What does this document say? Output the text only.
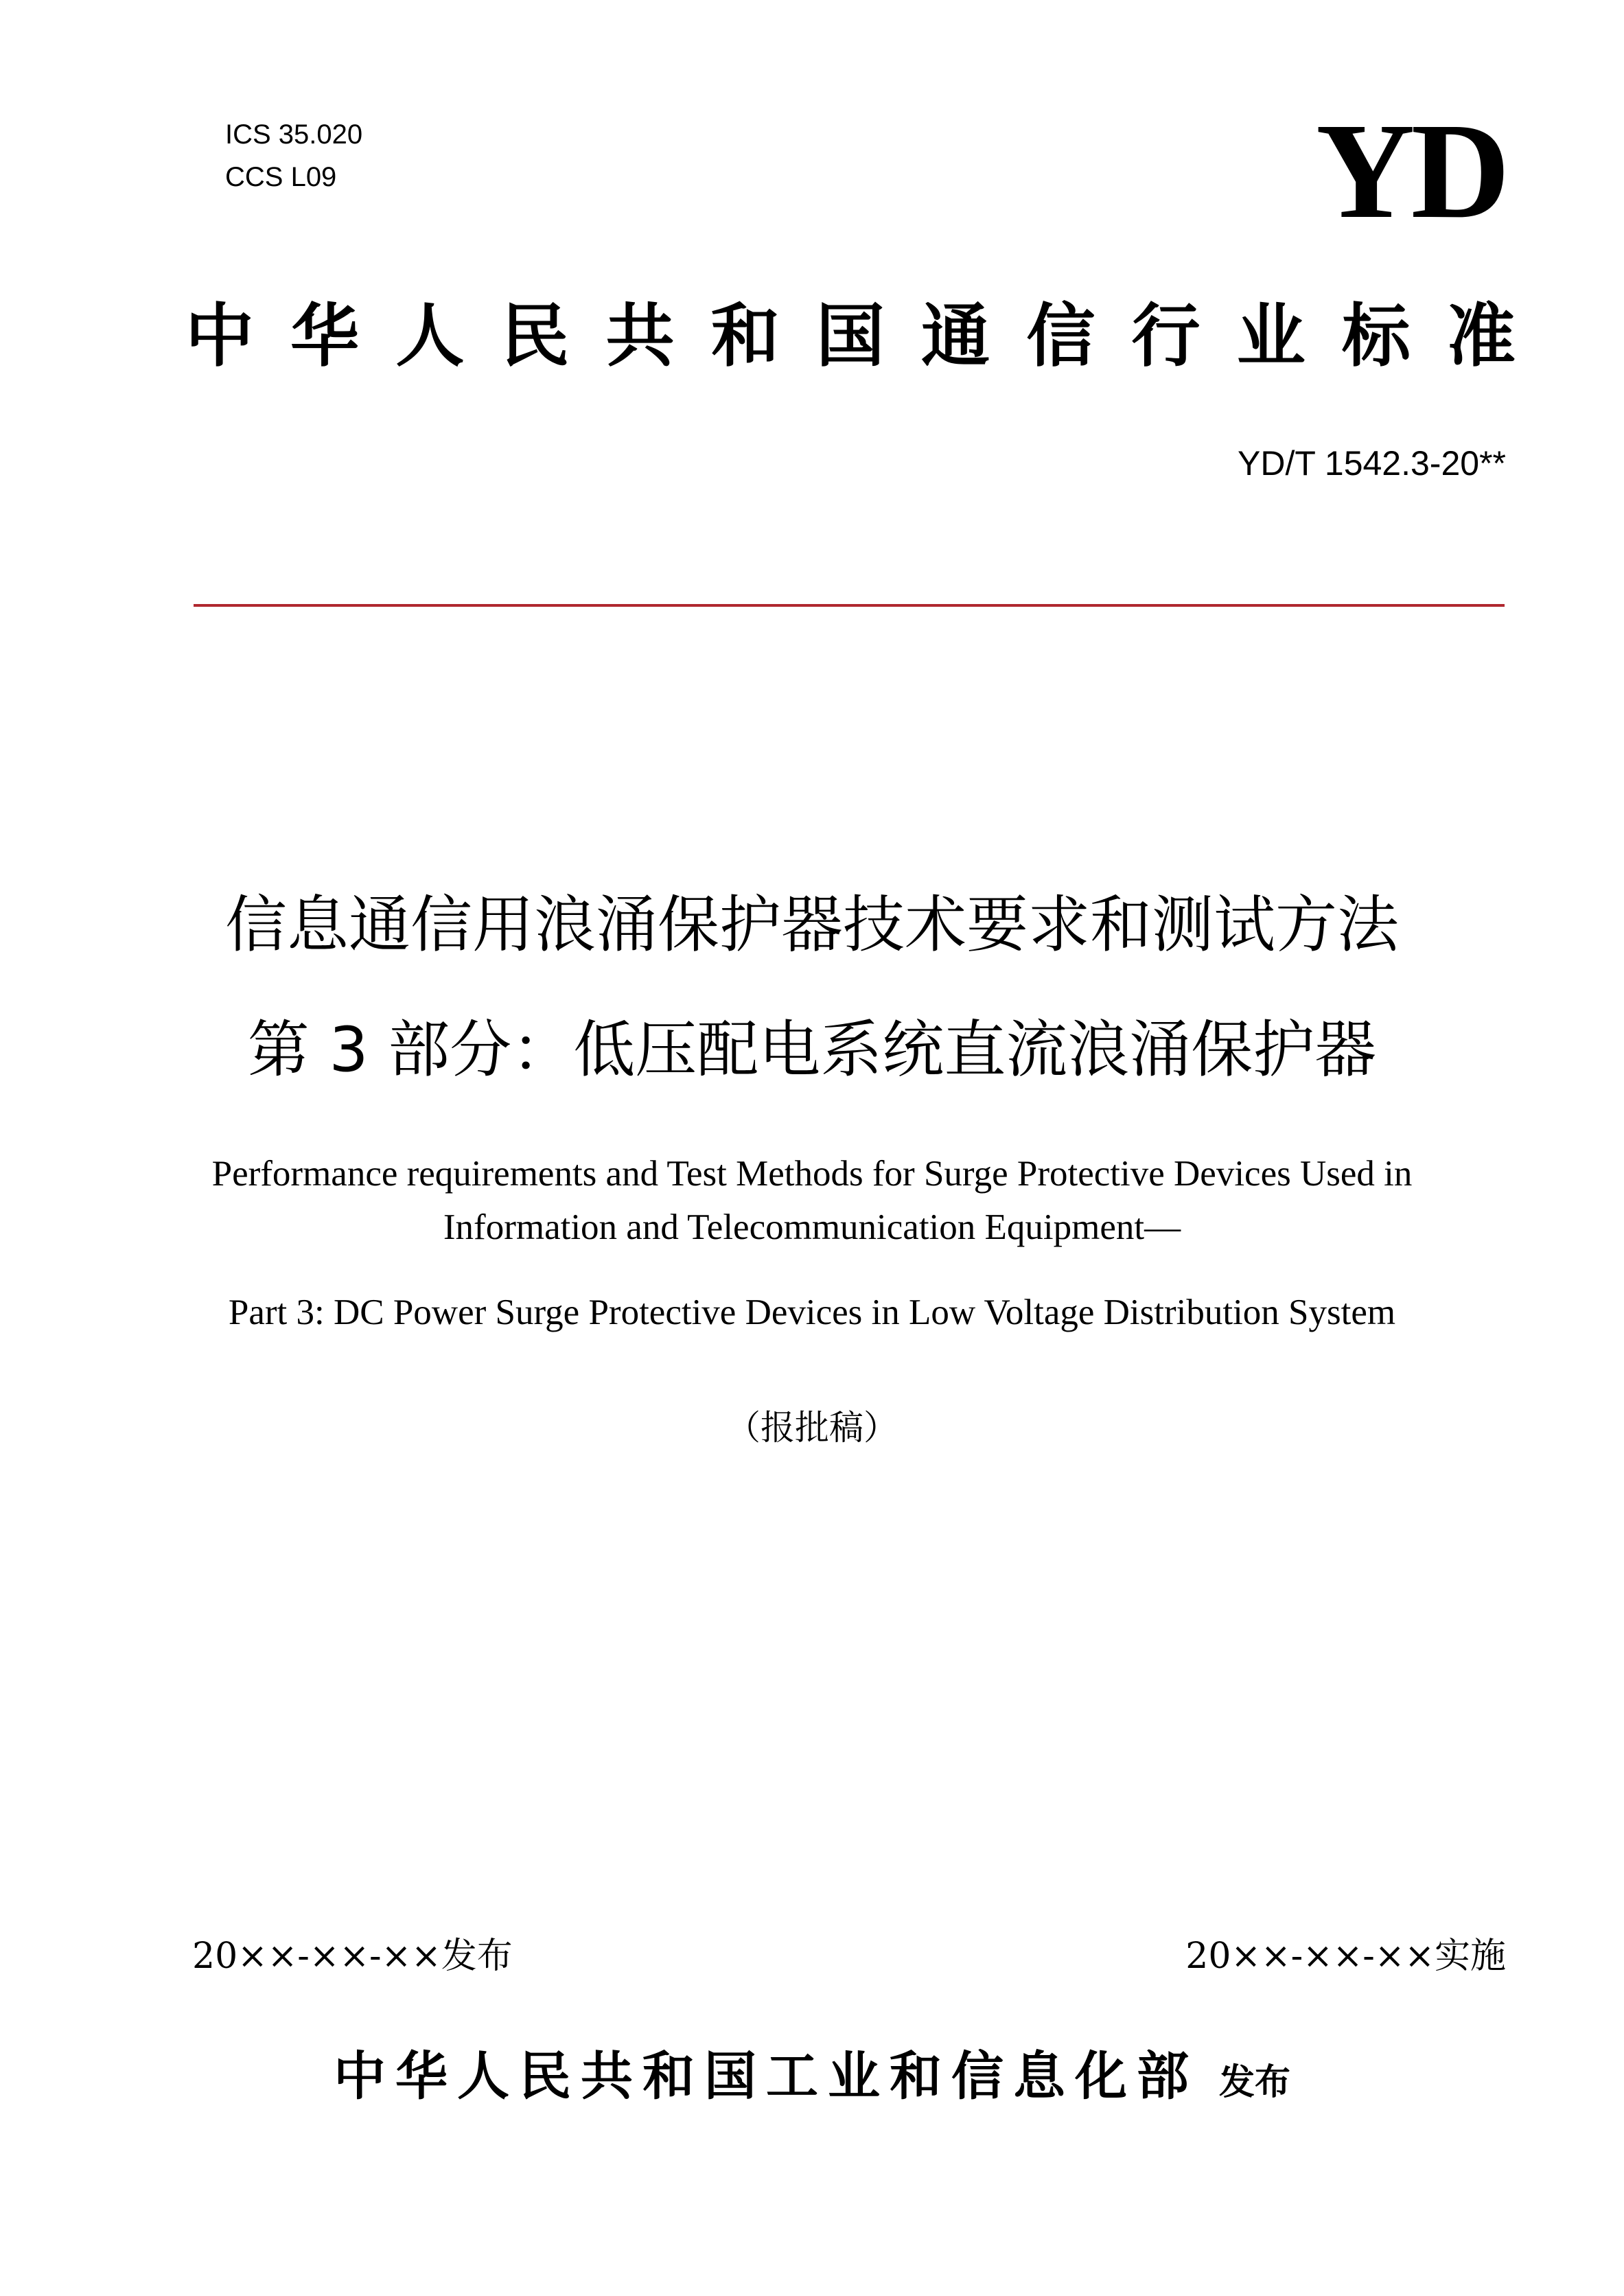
ICS 35.020
CCS L09	YD
中华人民共和国通信行业标准
YD/T 1542.3-20**
信息通信用浪涌保护器技术要求和测试方法
第 3 部分：低压配电系统直流浪涌保护器
Performance requirements and Test Methods for Surge Protective Devices Used in
Information and Telecommunication Equipment—
Part 3: DC Power Surge Protective Devices in Low Voltage Distribution System
（报批稿）
20××-××-××发布	20××-××-××实施
中华人民共和国工业和信息化部 发布
